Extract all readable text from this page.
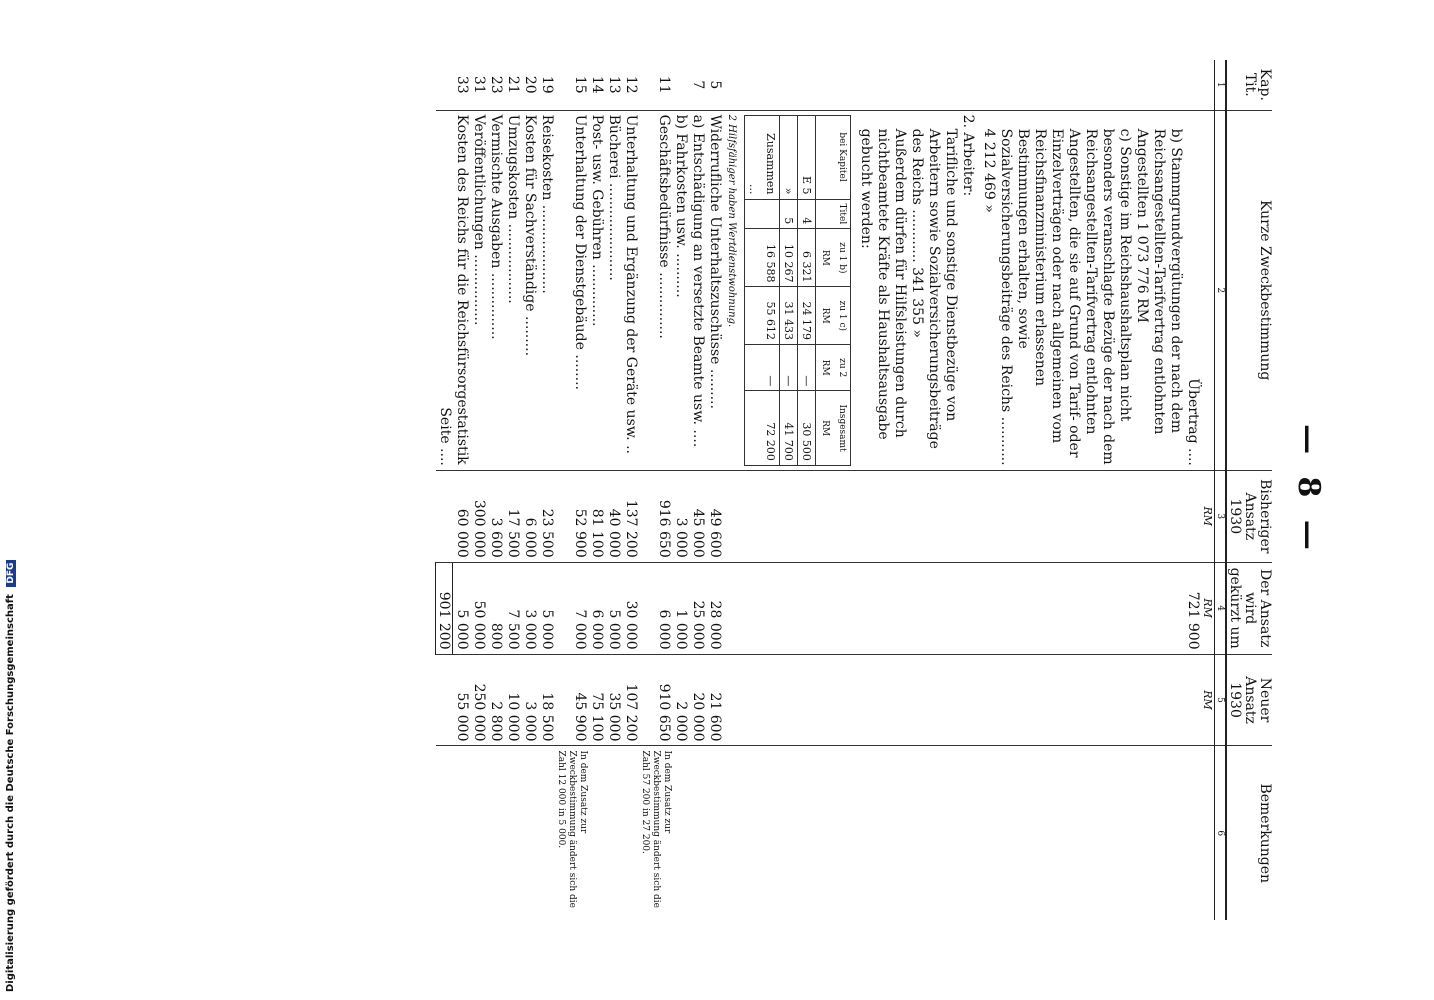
— 8 —
Kap.
Tit.	Kurze Zweckbestimmung	Bisheriger Ansatz 1930	Der Ansatz wird gekürzt um	Neuer Ansatz 1930	Bemerkungen
1	2	3	4	5	6
		RM	RM	RM	
	Übertrag ....		721 900		

b) Stammgrundvergütungen der nach dem Reichsangestellten-Tarifvertrag entlohnten Angestellten 1 073 776 RM
c) Sonstige im Reichshaushaltsplan nicht besonders veranschlagte Bezüge der nach dem Reichsangestellten-Tarifvertrag entlohnten Angestellten, die sie auf Grund von Tarif- oder Einzelverträgen oder nach allgemeinen vom Reichsfinanzministerium erlassenen Bestimmungen erhalten, sowie Sozialversicherungsbeiträge des Reichs ........... 4 212 469 »
2. Arbeiter:
Tarifliche und sonstige Dienstbezüge von Arbeitern sowie Sozialversicherungsbeiträge des Reichs ............ 341 355 »
Außerdem dürfen für Hilfsleistungen durch nichtbeamtete Kräfte als Haushaltsausgabe gebucht werden:
bei Kapitel	Titel	zu 1 b) RM	zu 1 c) RM	zu 2 RM	Insgesamt RM
E 5	4	6 321	24 179	—	30 500
»	5	10 267	31 433	—	41 700
Zusammen ...		16 588	55 612	—	72 200
2 Hilfsfähiger haben Wertdienstwohnung.

5	Widerrufliche Unterhaltszuschüsse .........	49 600	28 000	21 600	
7	a) Entschädigung an versetzte Beamte usw. ....	45 000	25 000	20 000	
	b) Fahrkosten usw. ..........	3 000	1 000	2 000	
11	Geschäftsbedürfnisse ...............	916 650	6 000	910 650	In dem Zusatz zur Zweckbestimmung ändert sich die Zahl 57 200 in 27 200.
12	Unterhaltung und Ergänzung der Geräte usw. ..	137 200	30 000	107 200	
13	Bücherei ......................	40 000	5 000	35 000	
14	Post- usw. Gebühren ..............	81 100	6 000	75 100	
15	Unterhaltung der Dienstgebäude ........	52 900	7 000	45 900	In dem Zusatz zur Zweckbestimmung ändert sich die Zahl 12 000 in 5 000.
19	Reisekosten ....................	23 500	5 000	18 500	
20	Kosten für Sachverständige .........	6 000	3 000	3 000	
21	Umzugskosten ..................	17 500	7 500	10 000	
23	Vermischte Ausgaben ...............	3 600	800	2 800	
31	Veröffentlichungen ................	300 000	50 000	250 000	
33	Kosten des Reichs für die Reichsfürsorgestatistik	60 000	5 000	55 000	
	Seite ....		901 200		
Digitalisierung gefördert durch die Deutsche Forschungsgemeinschaft DFG
